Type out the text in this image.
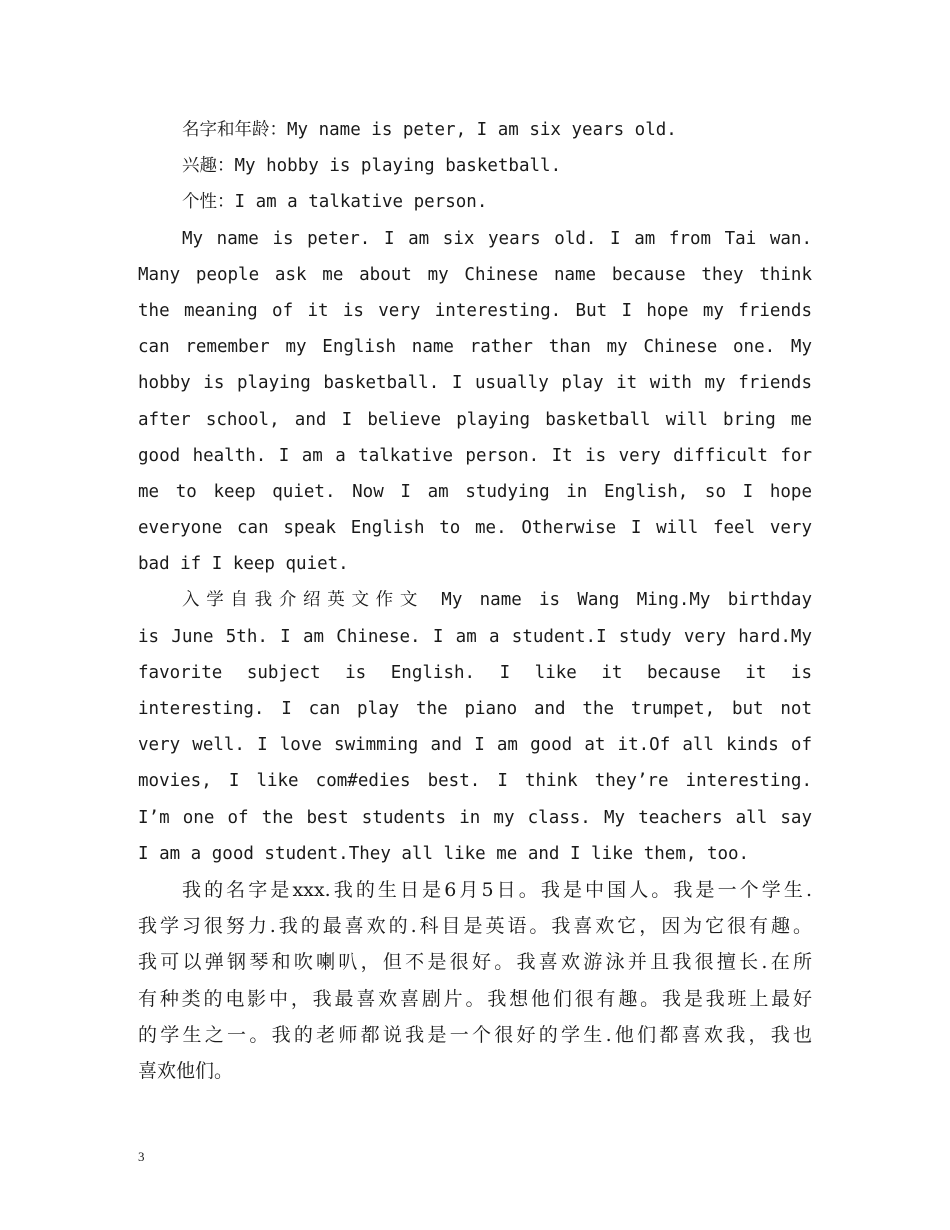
名字和年龄：My name is peter, I am six years old.
兴趣：My hobby is playing basketball.
个性：I am a talkative person.
My name is peter. I am six years old. I am from Tai wan.
Many people ask me about my Chinese name because they think
the meaning of it is very interesting. But I hope my friends
can remember my English name rather than my Chinese one. My
hobby is playing basketball. I usually play it with my friends
after school, and I believe playing basketball will bring me
good health. I am a talkative person. It is very difficult for
me to keep quiet. Now I am studying in English, so I hope
everyone can speak English to me. Otherwise I will feel very
bad if I keep quiet.
入学自我介绍英文作文 My name is Wang Ming.My birthday
is June 5th. I am Chinese. I am a student.I study very hard.My
favorite subject is English. I like it because it is
interesting. I can play the piano and the trumpet, but not
very well. I love swimming and I am good at it.Of all kinds of
movies, I like com#edies best. I think they’re interesting.
I’m one of the best students in my class. My teachers all say
I am a good student.They all like me and I like them, too.
我的名字是xxx.我的生日是6月5日。我是中国人。我是一个学生.
我学习很努力.我的最喜欢的.科目是英语。我喜欢它，因为它很有趣。
我可以弹钢琴和吹喇叭，但不是很好。我喜欢游泳并且我很擅长.在所
有种类的电影中，我最喜欢喜剧片。我想他们很有趣。我是我班上最好
的学生之一。我的老师都说我是一个很好的学生.他们都喜欢我，我也
喜欢他们。
3
